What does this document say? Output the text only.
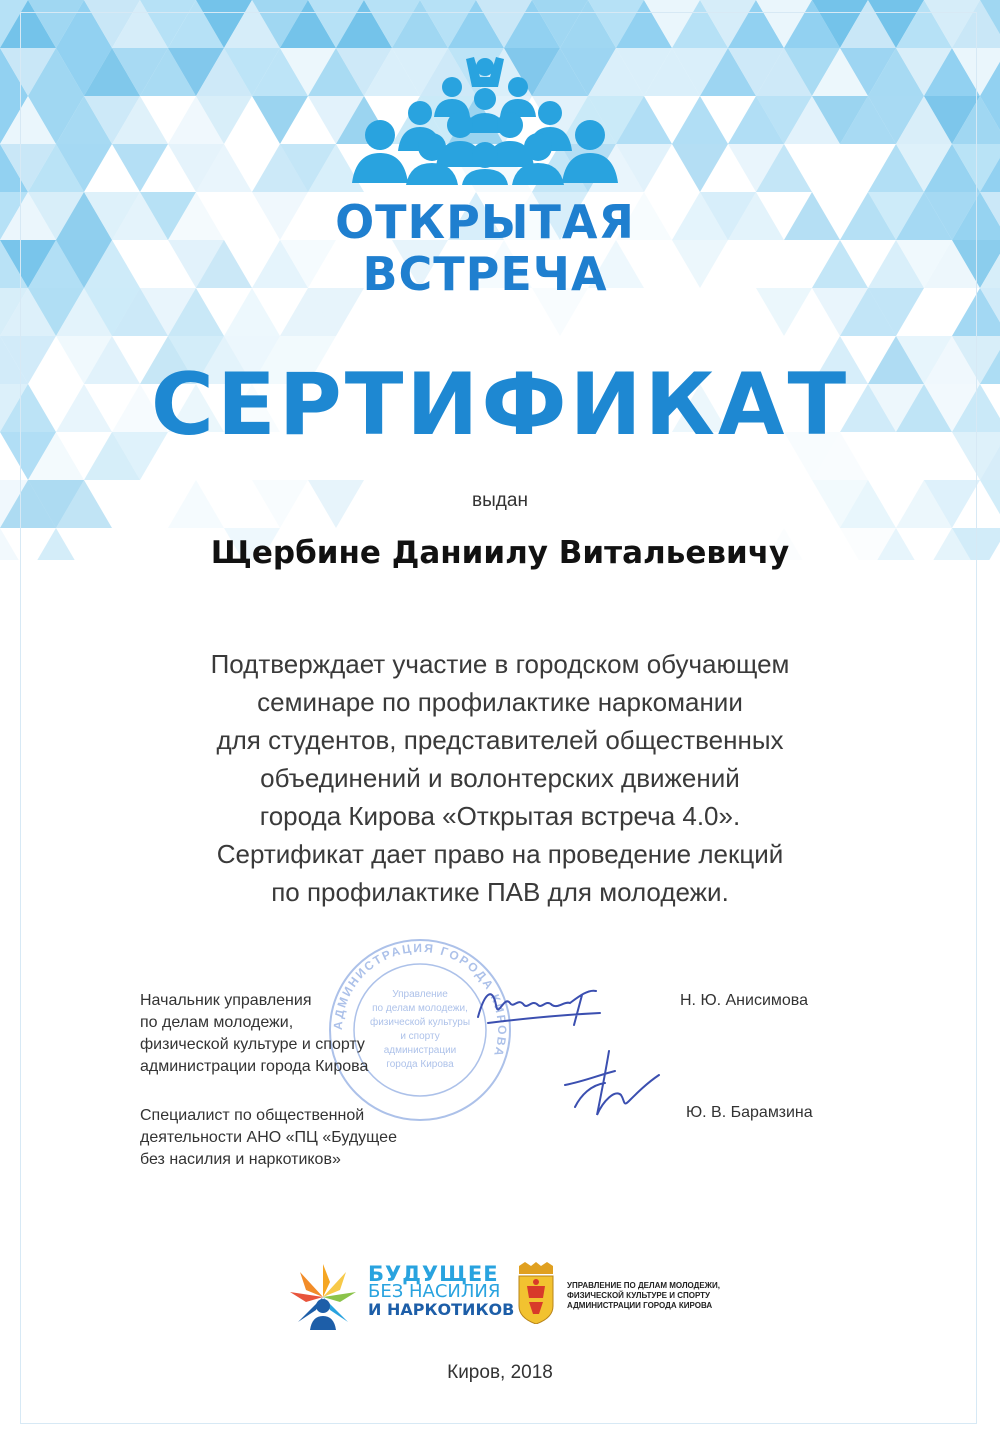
ОТКРЫТАЯ
ВСТРЕЧА
СЕРТИФИКАТ
выдан
Щербине Даниилу Витальевичу
Подтверждает участие в городском обучающем
семинаре по профилактике наркомании
для студентов, представителей общественных
объединений и волонтерских движений
города Кирова «Открытая встреча 4.0».
Сертификат дает право на проведение лекций
по профилактике ПАВ для молодежи.
АДМИНИСТРАЦИЯ ГОРОДА КИРОВА
Управление
по делам молодежи,
физической культуры
и спорту
администрации
города Кирова
Начальник управления
по делам молодежи,
физической культуре и спорту
администрации города Кирова
Н. Ю. Анисимова
Специалист по общественной
деятельности АНО «ПЦ «Будущее
без насилия и наркотиков»
Ю. В. Барамзина
БУДУЩЕЕ
БЕЗ НАСИЛИЯ
И НАРКОТИКОВ
УПРАВЛЕНИЕ ПО ДЕЛАМ МОЛОДЕЖИ,
ФИЗИЧЕСКОЙ КУЛЬТУРЕ И СПОРТУ
АДМИНИСТРАЦИИ ГОРОДА КИРОВА
Киров, 2018
